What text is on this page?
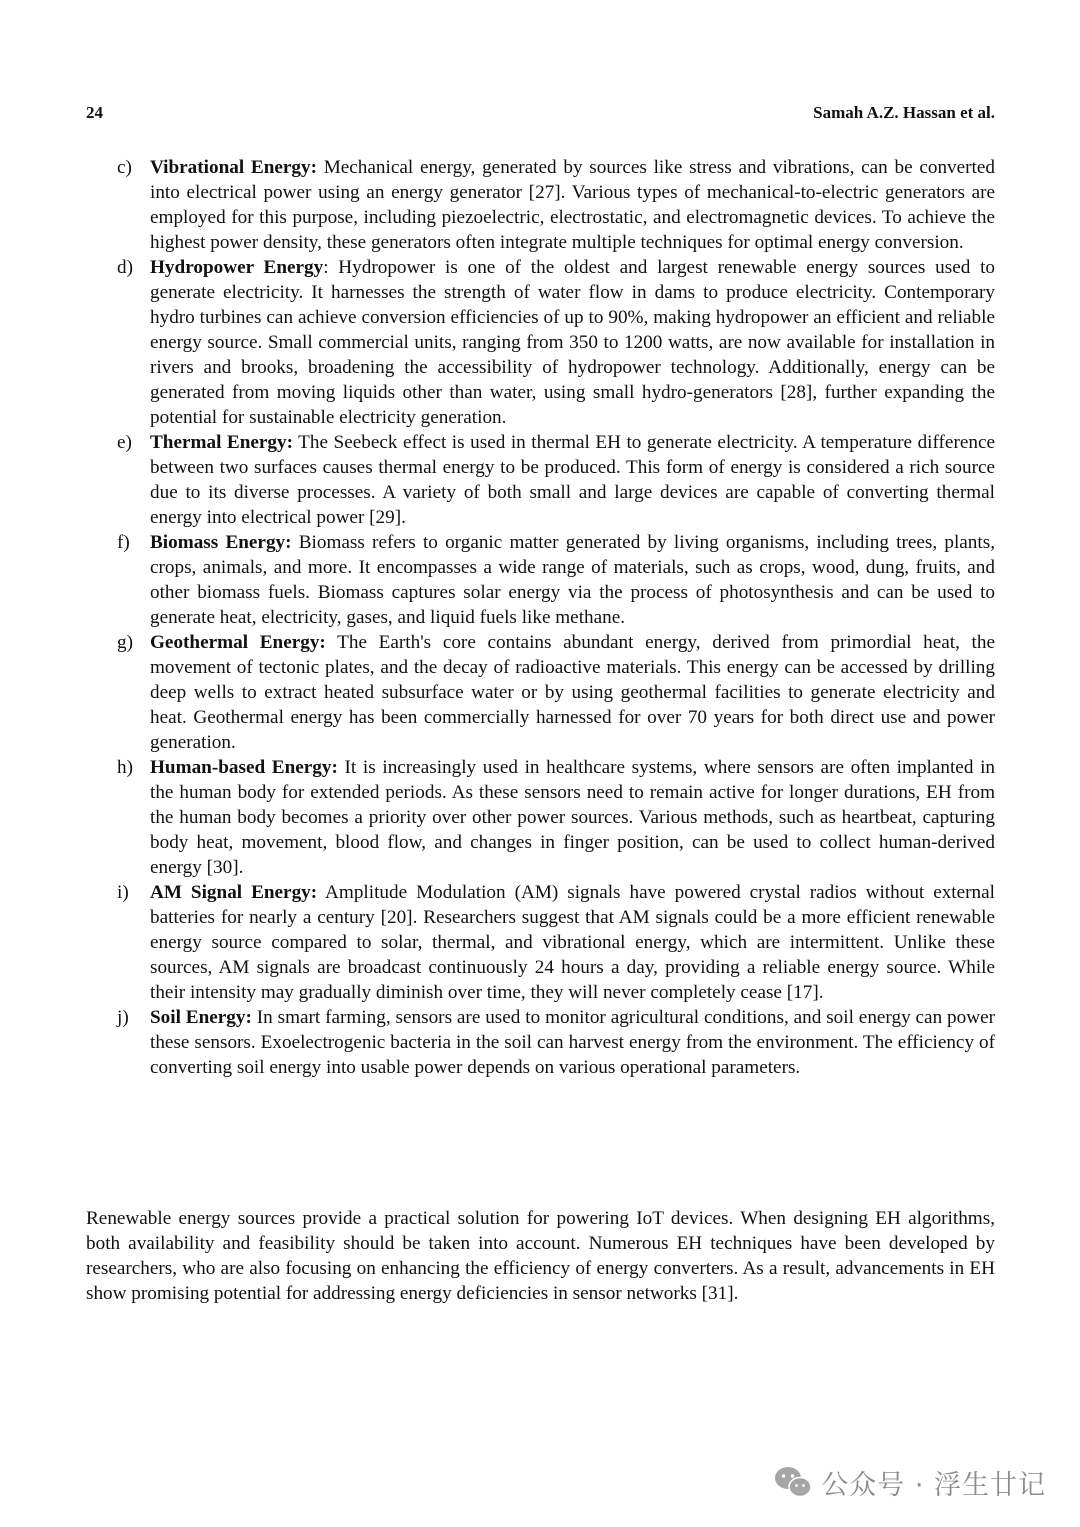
24	Samah A.Z. Hassan et al.
c) Vibrational Energy: Mechanical energy, generated by sources like stress and vibrations, can be converted into electrical power using an energy generator [27]. Various types of mechanical-to-electric generators are employed for this purpose, including piezoelectric, electrostatic, and electromagnetic devices. To achieve the highest power density, these generators often integrate multiple techniques for optimal energy conversion.
d) Hydropower Energy: Hydropower is one of the oldest and largest renewable energy sources used to generate electricity. It harnesses the strength of water flow in dams to produce electricity. Contemporary hydro turbines can achieve conversion efficiencies of up to 90%, making hydropower an efficient and reliable energy source. Small commercial units, ranging from 350 to 1200 watts, are now available for installation in rivers and brooks, broadening the accessibility of hydropower technology. Additionally, energy can be generated from moving liquids other than water, using small hydro-generators [28], further expanding the potential for sustainable electricity generation.
e) Thermal Energy: The Seebeck effect is used in thermal EH to generate electricity. A temperature difference between two surfaces causes thermal energy to be produced. This form of energy is considered a rich source due to its diverse processes. A variety of both small and large devices are capable of converting thermal energy into electrical power [29].
f) Biomass Energy: Biomass refers to organic matter generated by living organisms, including trees, plants, crops, animals, and more. It encompasses a wide range of materials, such as crops, wood, dung, fruits, and other biomass fuels. Biomass captures solar energy via the process of photosynthesis and can be used to generate heat, electricity, gases, and liquid fuels like methane.
g) Geothermal Energy: The Earth's core contains abundant energy, derived from primordial heat, the movement of tectonic plates, and the decay of radioactive materials. This energy can be accessed by drilling deep wells to extract heated subsurface water or by using geothermal facilities to generate electricity and heat. Geothermal energy has been commercially harnessed for over 70 years for both direct use and power generation.
h) Human-based Energy: It is increasingly used in healthcare systems, where sensors are often implanted in the human body for extended periods. As these sensors need to remain active for longer durations, EH from the human body becomes a priority over other power sources. Various methods, such as heartbeat, capturing body heat, movement, blood flow, and changes in finger position, can be used to collect human-derived energy [30].
i) AM Signal Energy: Amplitude Modulation (AM) signals have powered crystal radios without external batteries for nearly a century [20]. Researchers suggest that AM signals could be a more efficient renewable energy source compared to solar, thermal, and vibrational energy, which are intermittent. Unlike these sources, AM signals are broadcast continuously 24 hours a day, providing a reliable energy source. While their intensity may gradually diminish over time, they will never completely cease [17].
j) Soil Energy: In smart farming, sensors are used to monitor agricultural conditions, and soil energy can power these sensors. Exoelectrogenic bacteria in the soil can harvest energy from the environment. The efficiency of converting soil energy into usable power depends on various operational parameters.

Renewable energy sources provide a practical solution for powering IoT devices. When designing EH algorithms, both availability and feasibility should be taken into account. Numerous EH techniques have been developed by researchers, who are also focusing on enhancing the efficiency of energy converters. As a result, advancements in EH show promising potential for addressing energy deficiencies in sensor networks [31].

公众号 · 浮生廿记
